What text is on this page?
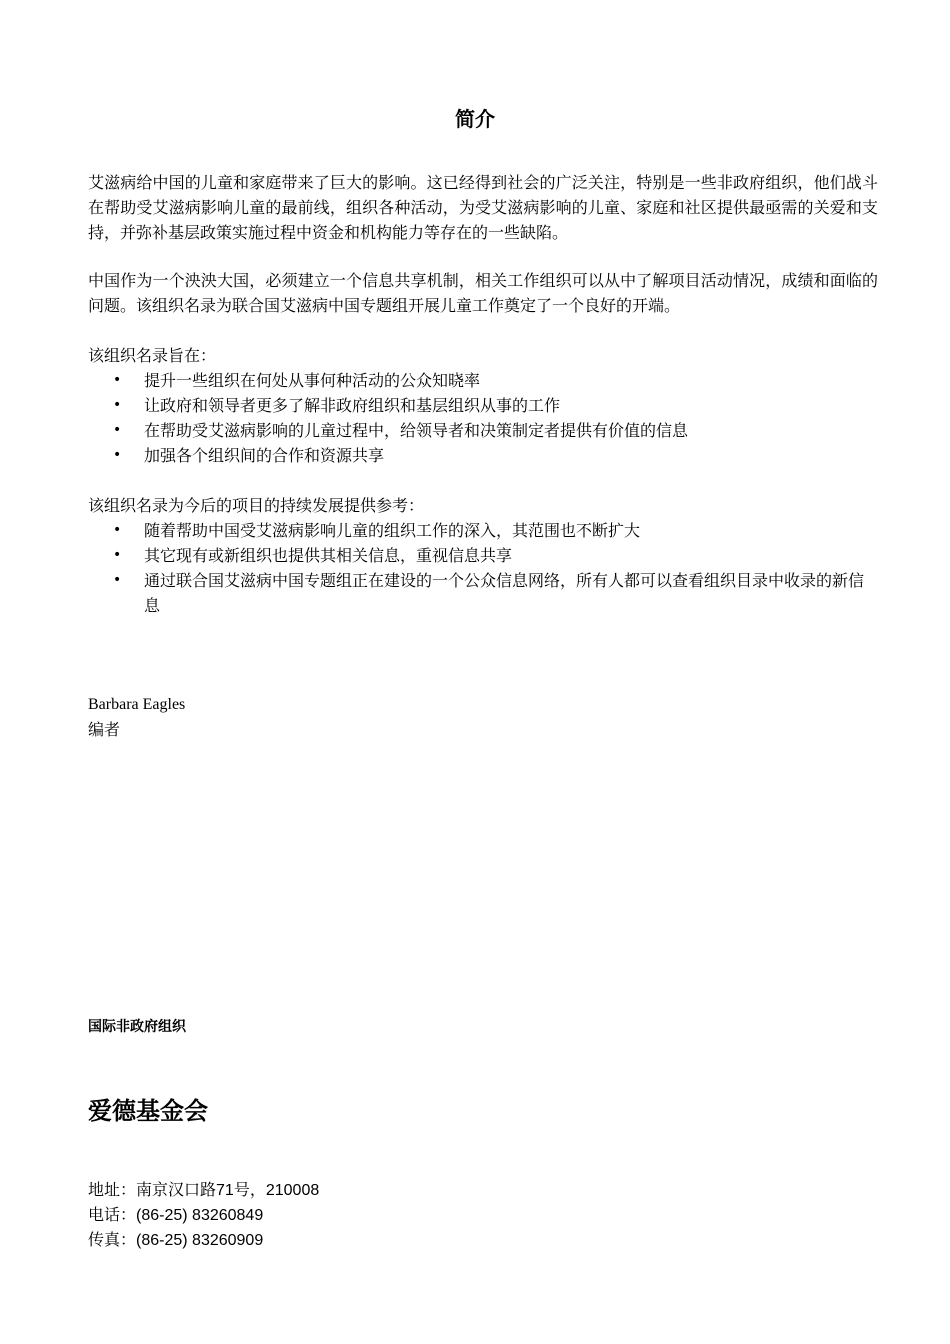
简介

艾滋病给中国的儿童和家庭带来了巨大的影响。这已经得到社会的广泛关注，特别是一些非政府组织，他们战斗在帮助受艾滋病影响儿童的最前线，组织各种活动，为受艾滋病影响的儿童、家庭和社区提供最亟需的关爱和支持，并弥补基层政策实施过程中资金和机构能力等存在的一些缺陷。

中国作为一个泱泱大国，必须建立一个信息共享机制，相关工作组织可以从中了解项目活动情况，成绩和面临的问题。该组织名录为联合国艾滋病中国专题组开展儿童工作奠定了一个良好的开端。

该组织名录旨在：

• 提升一些组织在何处从事何种活动的公众知晓率
• 让政府和领导者更多了解非政府组织和基层组织从事的工作
• 在帮助受艾滋病影响的儿童过程中，给领导者和决策制定者提供有价值的信息
• 加强各个组织间的合作和资源共享

该组织名录为今后的项目的持续发展提供参考：

• 随着帮助中国受艾滋病影响儿童的组织工作的深入，其范围也不断扩大
• 其它现有或新组织也提供其相关信息，重视信息共享
• 通过联合国艾滋病中国专题组正在建设的一个公众信息网络，所有人都可以查看组织目录中收录的新信息

Barbara Eagles

编者

国际非政府组织

爱德基金会

地址：南京汉口路71号，210008

电话：(86-25) 83260849

传真：(86-25) 83260909
